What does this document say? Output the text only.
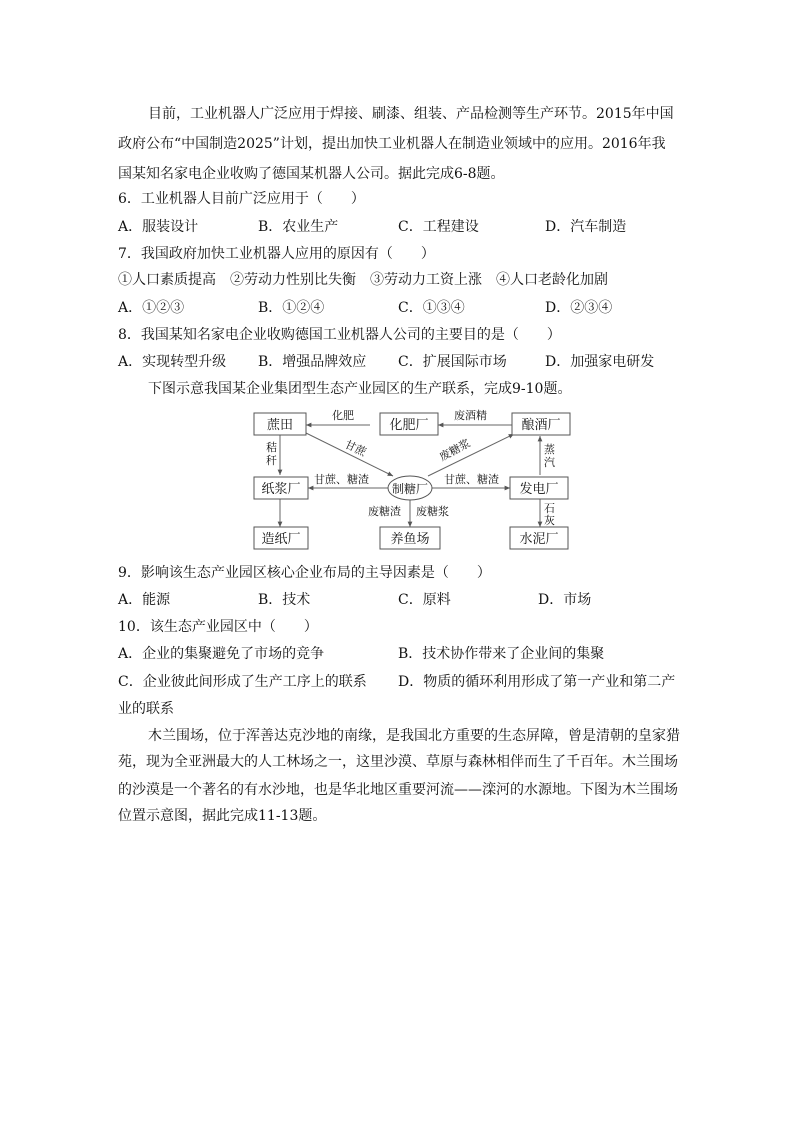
目前，工业机器人广泛应用于焊接、刷漆、组装、产品检测等生产环节。2015年中国
政府公布“中国制造2025”计划，提出加快工业机器人在制造业领域中的应用。2016年我
国某知名家电企业收购了德国某机器人公司。据此完成6-8题。
6．工业机器人目前广泛应用于（　　）
A．服装设计	B．农业生产	C．工程建设	D．汽车制造
7．我国政府加快工业机器人应用的原因有（　　）
①人口素质提高　②劳动力性别比失衡　③劳动力工资上涨　④人口老龄化加剧
A．①②③	B．①②④	C．①③④	D．②③④
8．我国某知名家电企业收购德国工业机器人公司的主要目的是（　　）
A．实现转型升级 B．增强品牌效应 C．扩展国际市场	D．加强家电研发
下图示意我国某企业集团型生态产业园区的生产联系，完成9-10题。
蔗田	化肥厂	酿酒厂
纸浆厂	制糖厂	发电厂
造纸厂	养鱼场	水泥厂
化肥	废酒精
甘蔗	废糖浆
秸
秆
甘蔗、糖渣	甘蔗、糖渣
蒸
汽
废糖渣 废糖浆	石
灰
9．影响该生态产业园区核心企业布局的主导因素是（　　）
A．能源	B．技术	C．原料	D．市场
10．该生态产业园区中（　　）
A．企业的集聚避免了市场的竞争	B．技术协作带来了企业间的集聚
C．企业彼此间形成了生产工序上的联系 D．物质的循环利用形成了第一产业和第二产
业的联系
木兰围场，位于浑善达克沙地的南缘，是我国北方重要的生态屏障，曾是清朝的皇家猎
苑，现为全亚洲最大的人工林场之一，这里沙漠、草原与森林相伴而生了千百年。木兰围场
的沙漠是一个著名的有水沙地，也是华北地区重要河流——滦河的水源地。下图为木兰围场
位置示意图，据此完成11-13题。
